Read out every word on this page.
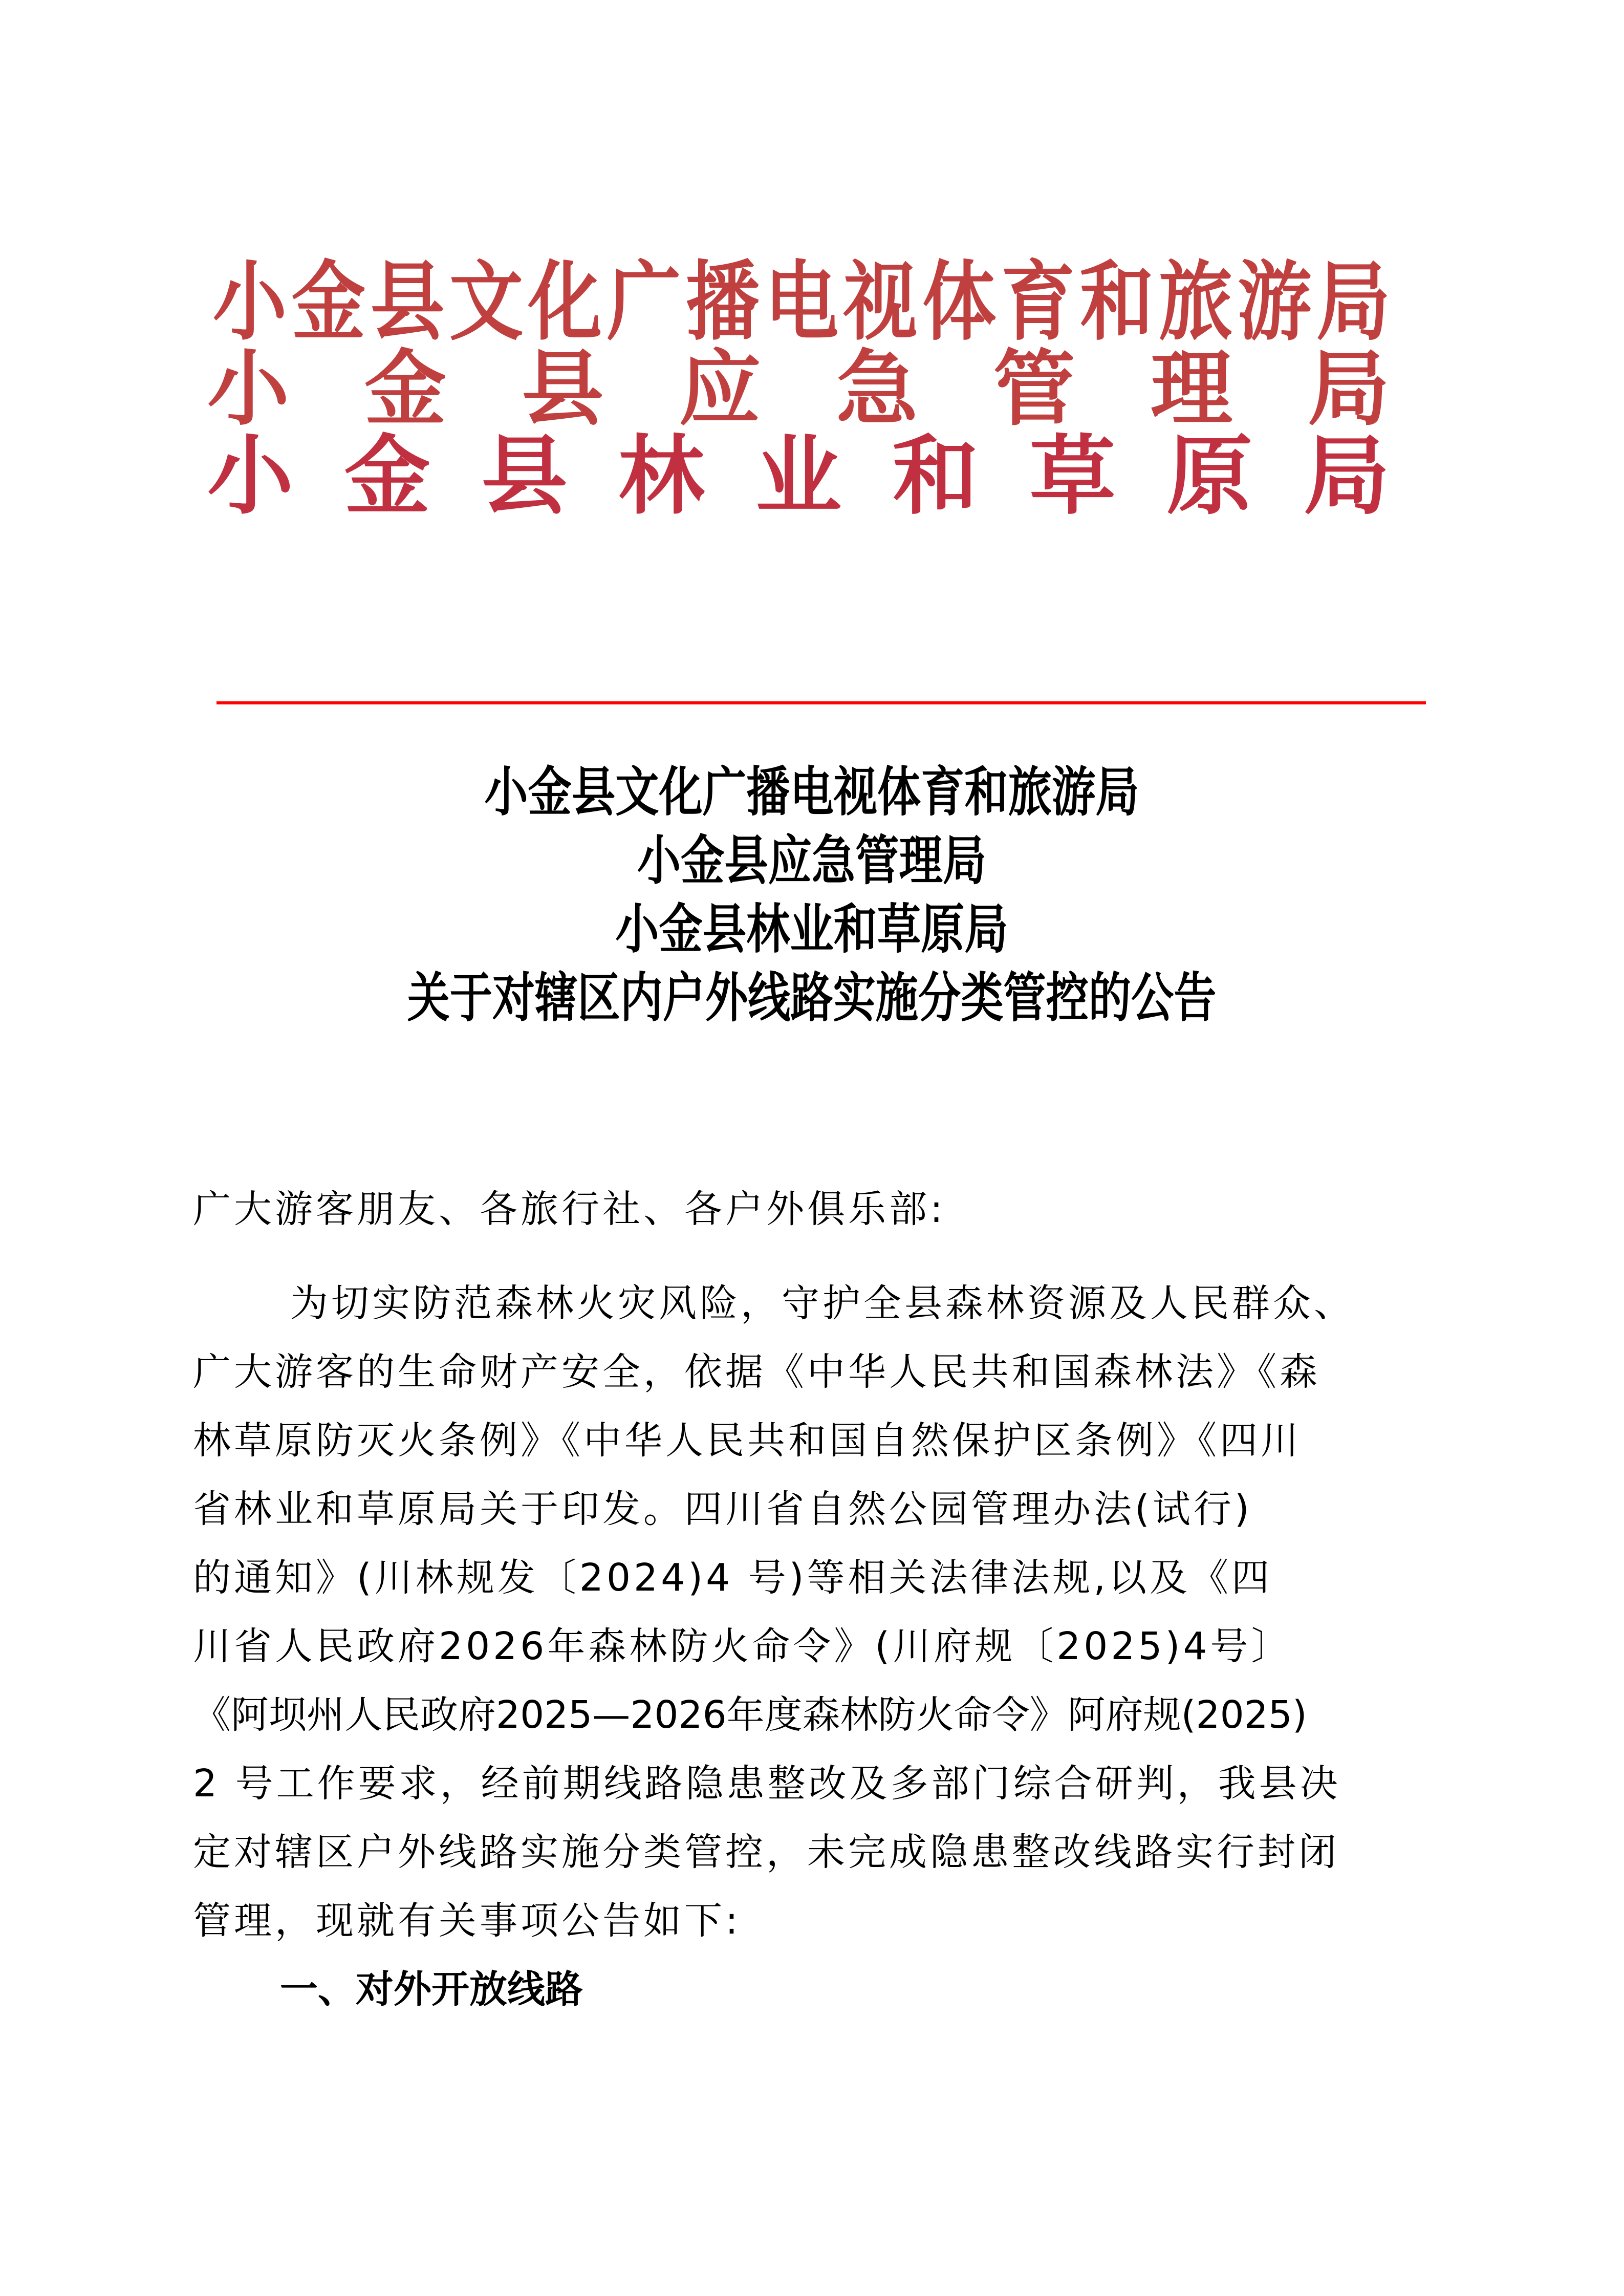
小 金 县 文 化 广 播 电 视 体 育 和 旅 游 局
小 金 县 应 急 管 理 局
小 金 县 林 业 和 草 原 局
小金县文化广播电视体育和旅游局
小金县应急管理局
小金县林业和草原局
关于对辖区内户外线路实施分类管控的公告
广大游客朋友、各旅行社、各户外俱乐部:
为切实防范森林火灾风险，守护全县森林资源及人民群众、
广大游客的生命财产安全，依据《中华人民共和国森林法》《森
林草原防灭火条例》《中华人民共和国自然保护区条例》《四川
省林业和草原局关于印发。四川省自然公园管理办法(试行)
的通知》(川林规发〔2024)4 号)等相关法律法规,以及《四
川省人民政府2026年森林防火命令》(川府规〔2025)4号〕
《阿坝州人民政府2025—2026年度森林防火命令》阿府规(2025)
2 号工作要求，经前期线路隐患整改及多部门综合研判，我县决
定对辖区户外线路实施分类管控，未完成隐患整改线路实行封闭
管理，现就有关事项公告如下:
一、对外开放线路
